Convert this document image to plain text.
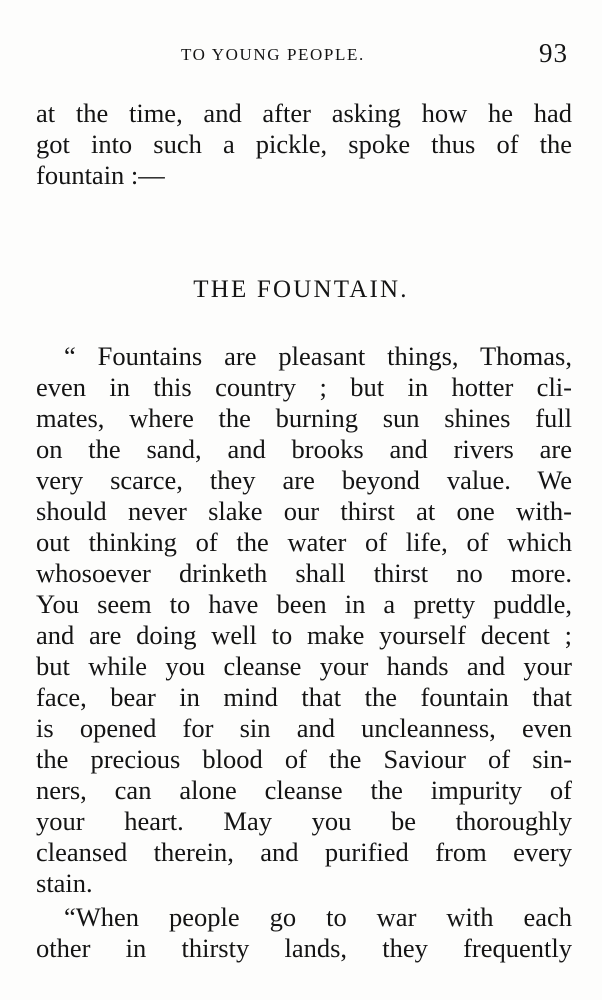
TO YOUNG PEOPLE.	93
at the time, and after asking how he had
got into such a pickle, spoke thus of the
fountain :—
THE FOUNTAIN.
“ Fountains are pleasant things, Thomas,
even in this country ; but in hotter cli-
mates, where the burning sun shines full
on the sand, and brooks and rivers are
very scarce, they are beyond value. We
should never slake our thirst at one with-
out thinking of the water of life, of which
whosoever drinketh shall thirst no more.
You seem to have been in a pretty puddle,
and are doing well to make yourself decent ;
but while you cleanse your hands and your
face, bear in mind that the fountain that
is opened for sin and uncleanness, even
the precious blood of the Saviour of sin-
ners, can alone cleanse the impurity of
your heart. May you be thoroughly
cleansed therein, and purified from every
stain.
“When people go to war with each
other in thirsty lands, they frequently
